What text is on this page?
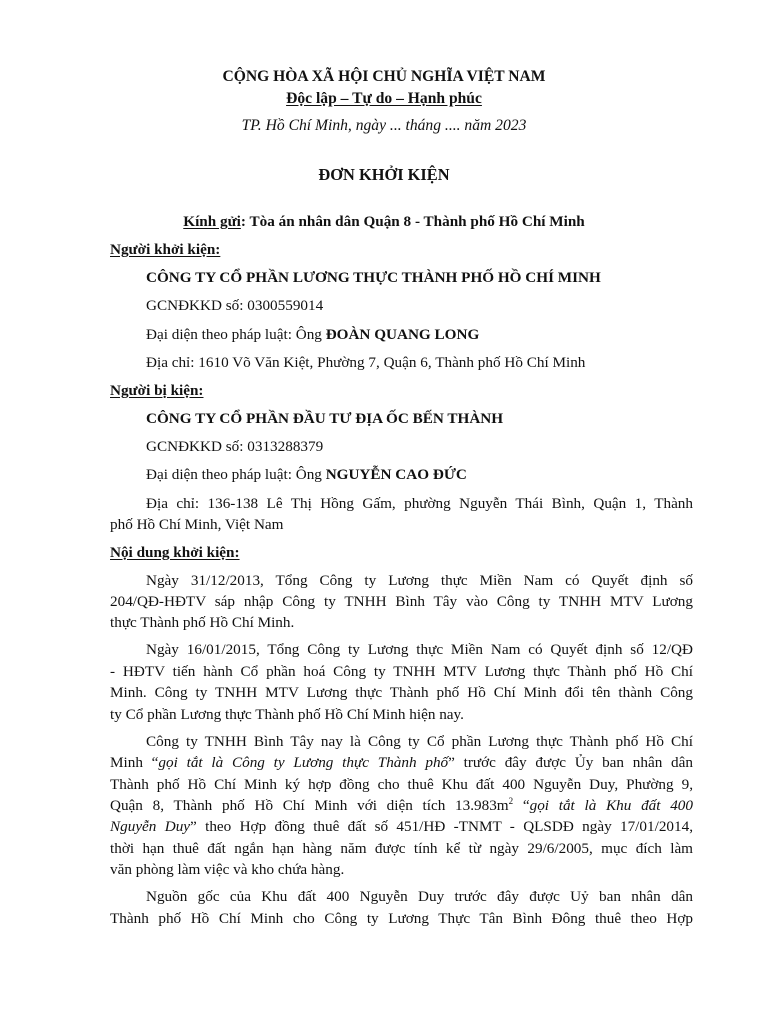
CỘNG HÒA XÃ HỘI CHỦ NGHĨA VIỆT NAM
Độc lập – Tự do – Hạnh phúc
TP. Hồ Chí Minh, ngày ... tháng .... năm 2023
ĐƠN KHỞI KIỆN
Kính gửi: Tòa án nhân dân Quận 8 - Thành phố Hồ Chí Minh
Người khởi kiện:
CÔNG TY CỔ PHẦN LƯƠNG THỰC THÀNH PHỐ HỒ CHÍ MINH
GCNĐKKD số: 0300559014
Đại diện theo pháp luật: Ông ĐOÀN QUANG LONG
Địa chỉ: 1610 Võ Văn Kiệt, Phường 7, Quận 6, Thành phố Hồ Chí Minh
Người bị kiện:
CÔNG TY CỔ PHẦN ĐẦU TƯ ĐỊA ỐC BẾN THÀNH
GCNĐKKD số: 0313288379
Đại diện theo pháp luật: Ông NGUYỄN CAO ĐỨC
Địa chỉ: 136-138 Lê Thị Hồng Gấm, phường Nguyễn Thái Bình, Quận 1, Thành
phố Hồ Chí Minh, Việt Nam
Nội dung khởi kiện:
Ngày 31/12/2013, Tổng Công ty Lương thực Miền Nam có Quyết định số
204/QĐ-HĐTV sáp nhập Công ty TNHH Bình Tây vào Công ty TNHH MTV Lương
thực Thành phố Hồ Chí Minh.
Ngày 16/01/2015, Tổng Công ty Lương thực Miền Nam có Quyết định số 12/QĐ
- HĐTV tiến hành Cổ phần hoá Công ty TNHH MTV Lương thực Thành phố Hồ Chí
Minh. Công ty TNHH MTV Lương thực Thành phố Hồ Chí Minh đổi tên thành Công
ty Cổ phần Lương thực Thành phố Hồ Chí Minh hiện nay.
Công ty TNHH Bình Tây nay là Công ty Cổ phần Lương thực Thành phố Hồ Chí
Minh “gọi tắt là Công ty Lương thực Thành phố” trước đây được Ủy ban nhân dân
Thành phố Hồ Chí Minh ký hợp đồng cho thuê Khu đất 400 Nguyễn Duy, Phường 9,
Quận 8, Thành phố Hồ Chí Minh với diện tích $13.983m^2$ “gọi tắt là Khu đất 400
Nguyễn Duy” theo Hợp đồng thuê đất số 451/HĐ -TNMT - QLSDĐ ngày 17/01/2014,
thời hạn thuê đất ngắn hạn hàng năm được tính kể từ ngày 29/6/2005, mục đích làm
văn phòng làm việc và kho chứa hàng.
Nguồn gốc của Khu đất 400 Nguyễn Duy trước đây được Uỷ ban nhân dân
Thành phố Hồ Chí Minh cho Công ty Lương Thực Tân Bình Đông thuê theo Hợp
